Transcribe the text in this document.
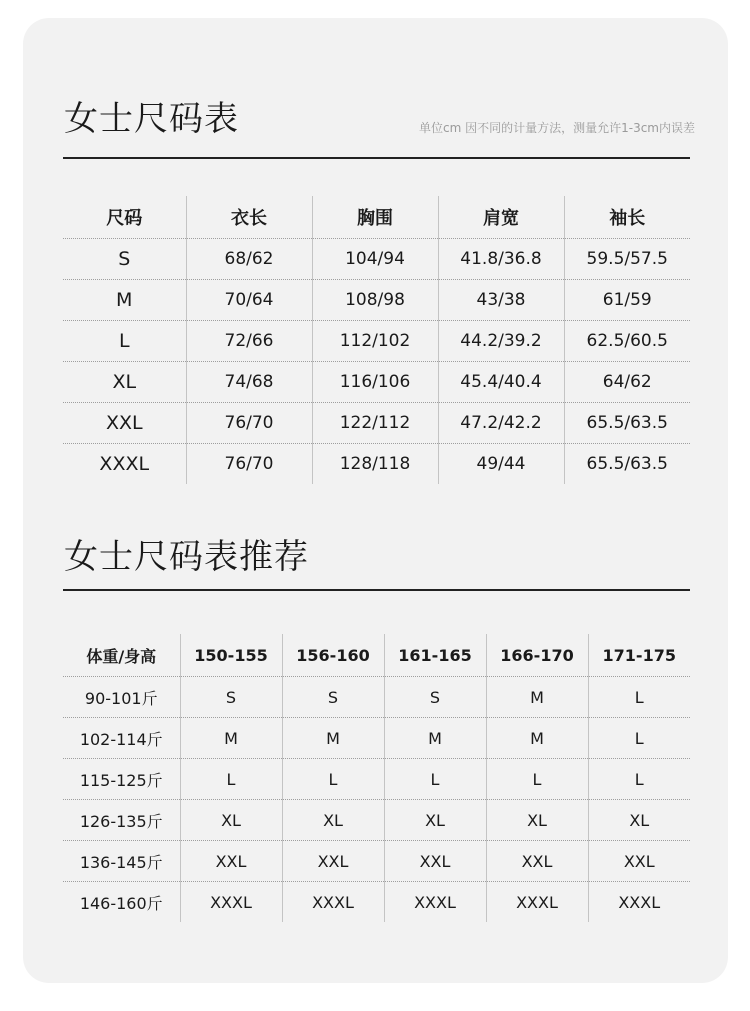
女士尺码表	单位cm 因不同的计量方法，测量允许1-3cm内误差
尺码	衣长	胸围	肩宽	袖长
S	68/62	104/94	41.8/36.8	59.5/57.5
M	70/64	108/98	43/38	61/59
L	72/66	112/102	44.2/39.2	62.5/60.5
XL	74/68	116/106	45.4/40.4	64/62
XXL	76/70	122/112	47.2/42.2	65.5/63.5
XXXL	76/70	128/118	49/44	65.5/63.5
女士尺码表推荐
体重/身高	150-155	156-160	161-165	166-170	171-175
90-101斤	S	S	S	M	L
102-114斤	M	M	M	M	L
115-125斤	L	L	L	L	L
126-135斤	XL	XL	XL	XL	XL
136-145斤	XXL	XXL	XXL	XXL	XXL
146-160斤	XXXL	XXXL	XXXL	XXXL	XXXL
